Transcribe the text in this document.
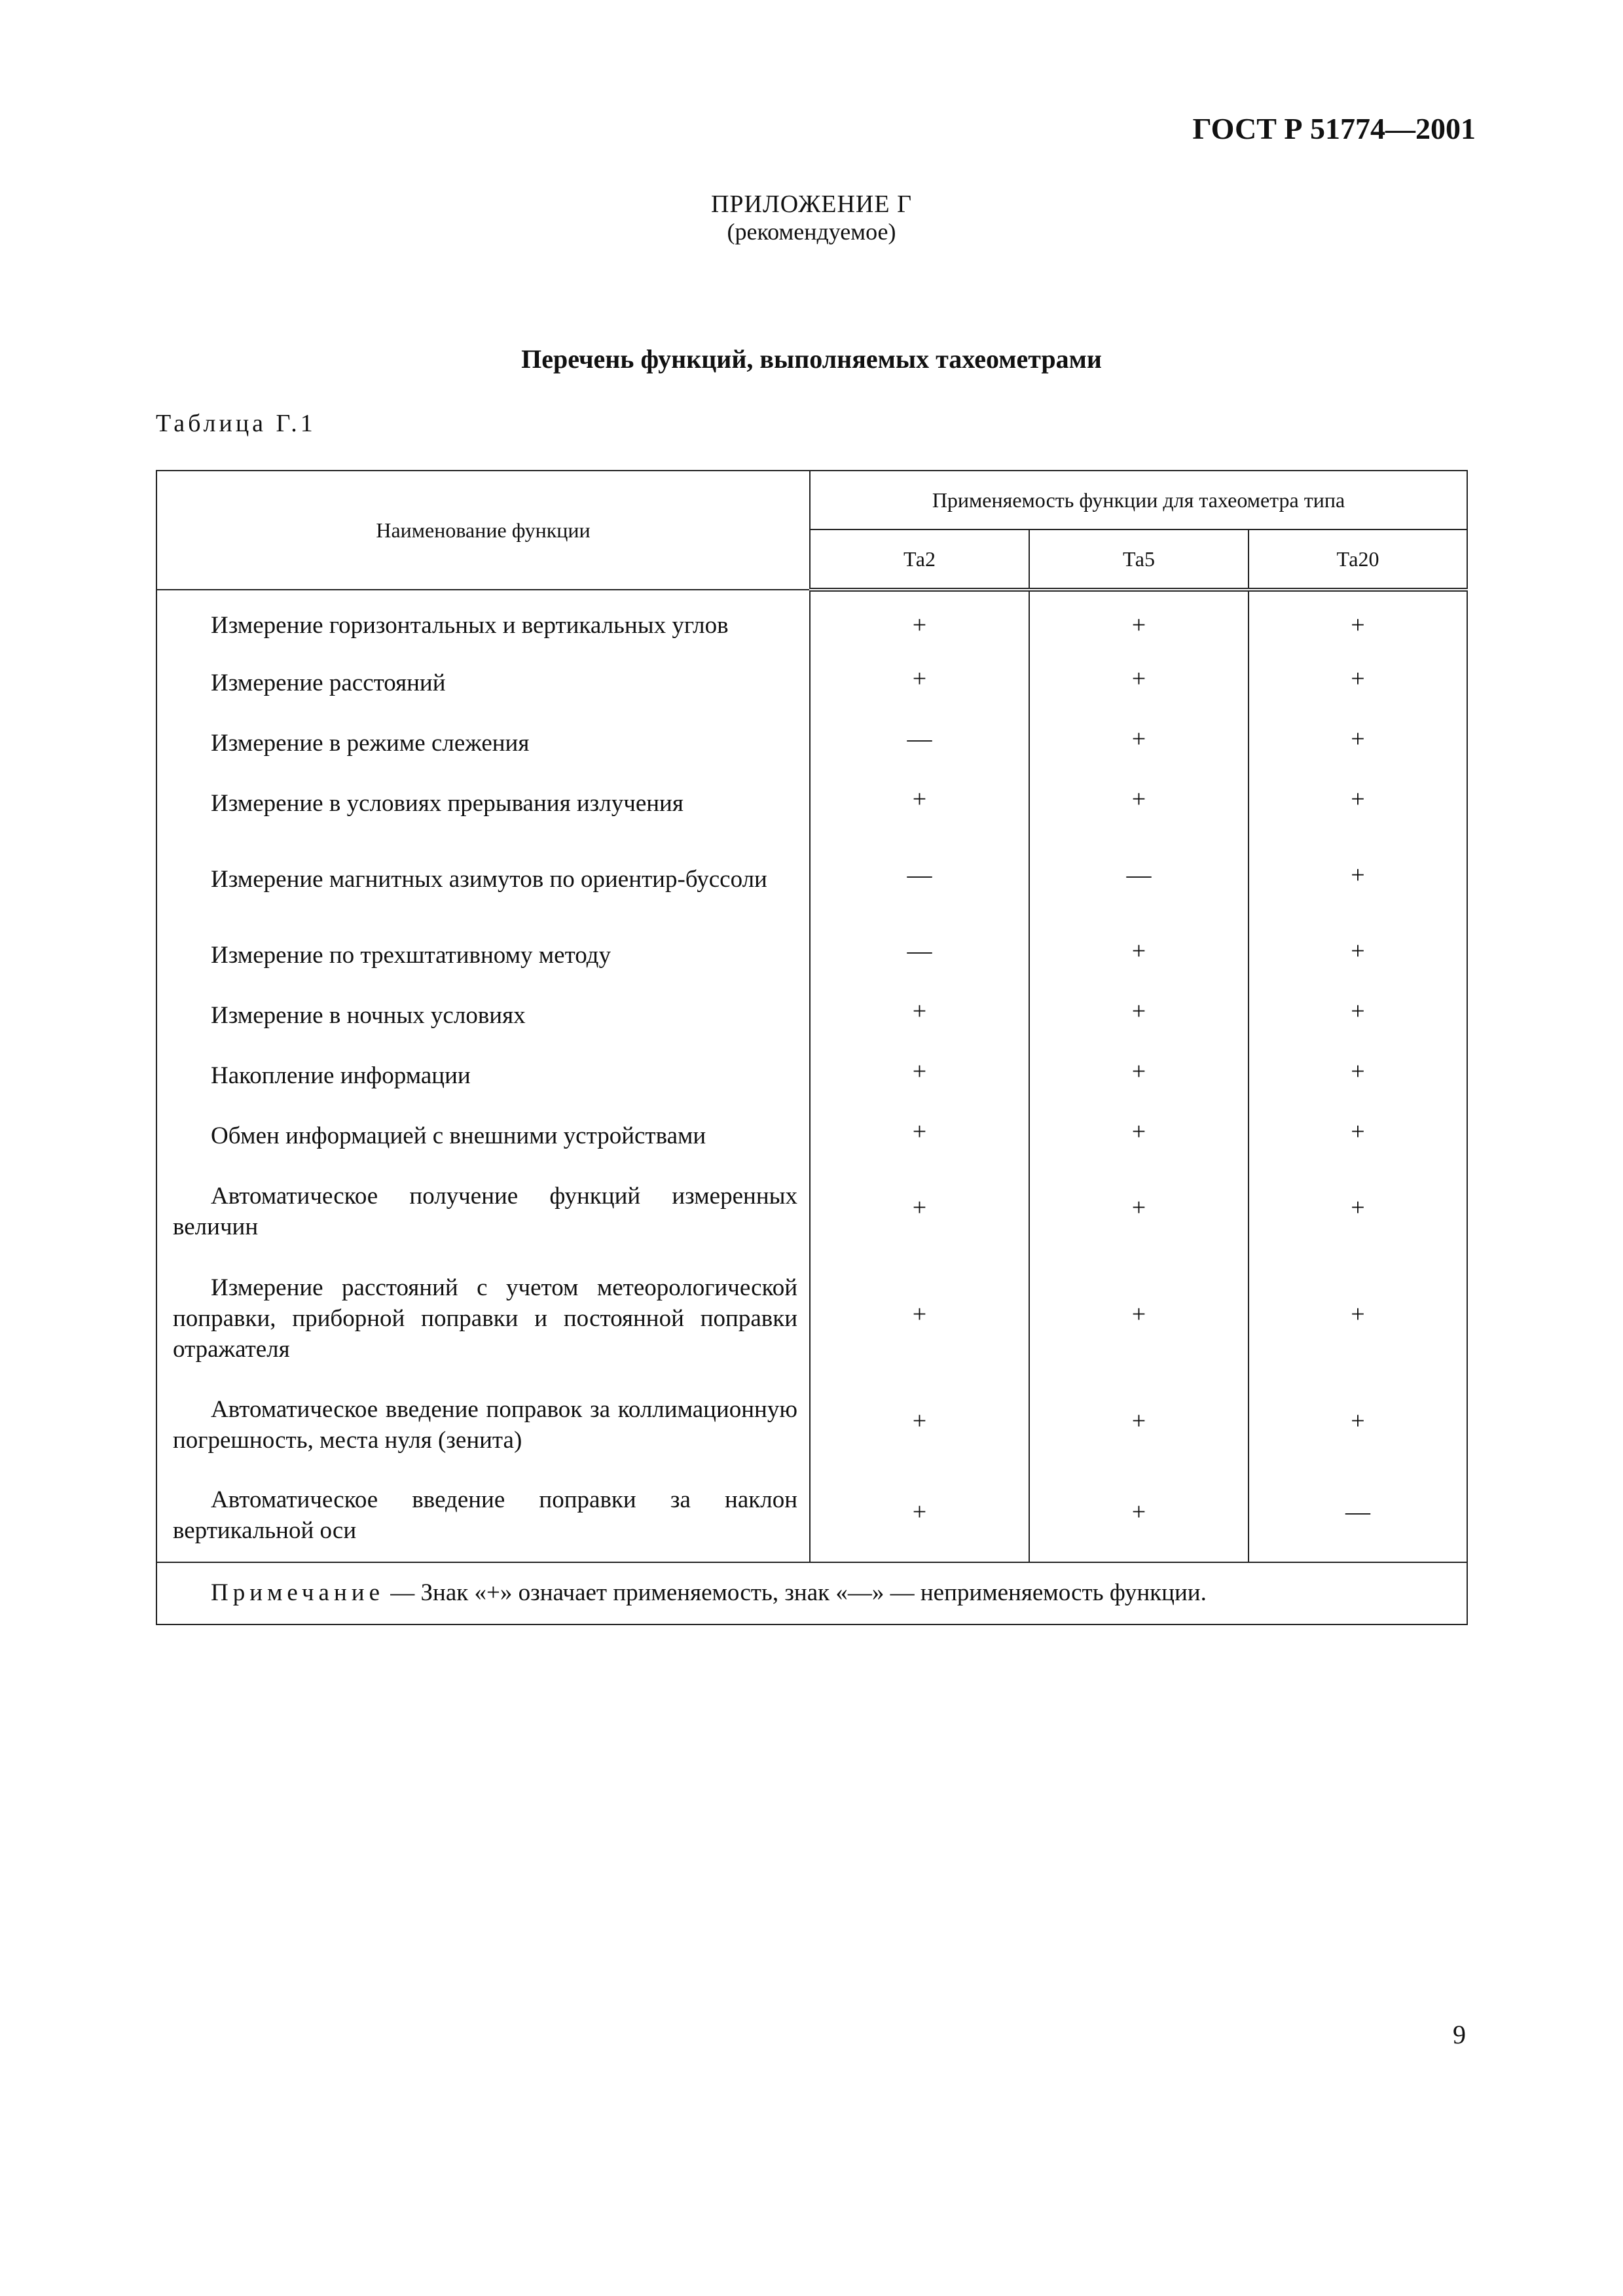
ГОСТ Р 51774—2001
ПРИЛОЖЕНИЕ Г
(рекомендуемое)
Перечень функций, выполняемых тахеометрами
Таблица Г.1
Наименование функции	Применяемость функции для тахеометра типа		
	Та2	Та5	Та20
Измерение горизонтальных и вертикальных углов	+	+	+
Измерение расстояний	+	+	+
Измерение в режиме слежения	—	+	+
Измерение в условиях прерывания излучения	+	+	+
Измерение магнитных азимутов по ориентир-буссоли	—	—	+
Измерение по трехштативному методу	—	+	+
Измерение в ночных условиях	+	+	+
Накопление информации	+	+	+
Обмен информацией с внешними устройствами	+	+	+
Автоматическое получение функций измеренных величин	+	+	+
Измерение расстояний с учетом метеорологической поправки, приборной поправки и постоянной поправки отражателя	+	+	+
Автоматическое введение поправок за коллимационную погрешность, места нуля (зенита)	+	+	+
Автоматическое введение поправки за наклон вертикальной оси	+	+	—
Примечание — Знак «+» означает применяемость, знак «—» — неприменяемость функции.			
9
